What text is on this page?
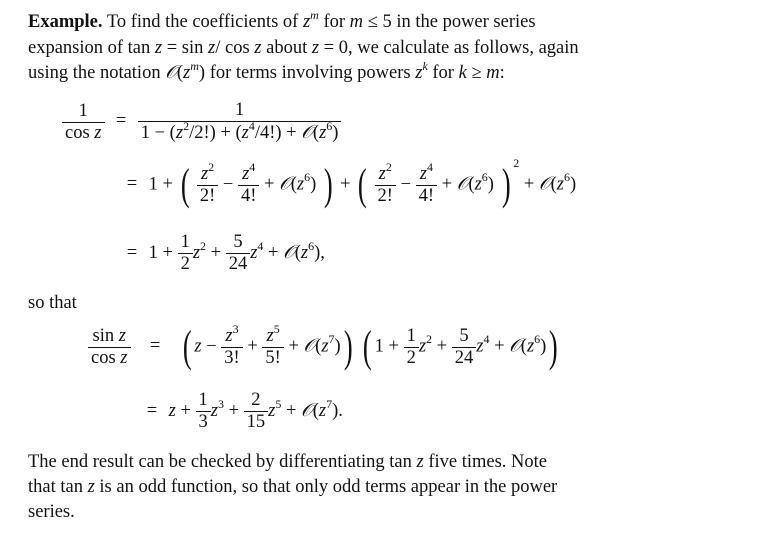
Example. To find the coefficients of $z^m$ for m ≤ 5 in the power series
expansion of tan z = sin z/ cos z about z = 0, we calculate as follows, again
using the notation $𝒪(z^m)$ for terms involving powers $z^k$ for k ≥ m:
$\frac{1}{\text{cos z}} = \frac{1}{1 - (z^2/2!) + (z^4/4!) + 𝒪(z^6)}$
= 1 + ( $\frac{z^2}{2!} - \frac{z^4}{4!}$ + $𝒪(z^6)$ ) + ( $\frac{z^2}{2!} - \frac{z^4}{4!}$ + $𝒪(z^6)$ ) $^2 + 𝒪(z^6)$
= $1 + \frac{1}{2} z^2 + \frac{5}{24} z^4$ + $𝒪(z^6)$,
so that
$\frac{\text{sin z}}{\text{cos z}}$ = ( $z - \frac{z^3}{3!} + \frac{z^5}{5!}$ + $𝒪(z^7)$) ( $1 + \frac{1}{2} z^2 + \frac{5}{24} z^4$ + $𝒪(z^6)$)
= $z + \frac{1}{3} z^3 + \frac{2}{15} z^5$ + $𝒪(z^7)$.
The end result can be checked by differentiating tan z five times. Note
that tan z is an odd function, so that only odd terms appear in the power
series.
